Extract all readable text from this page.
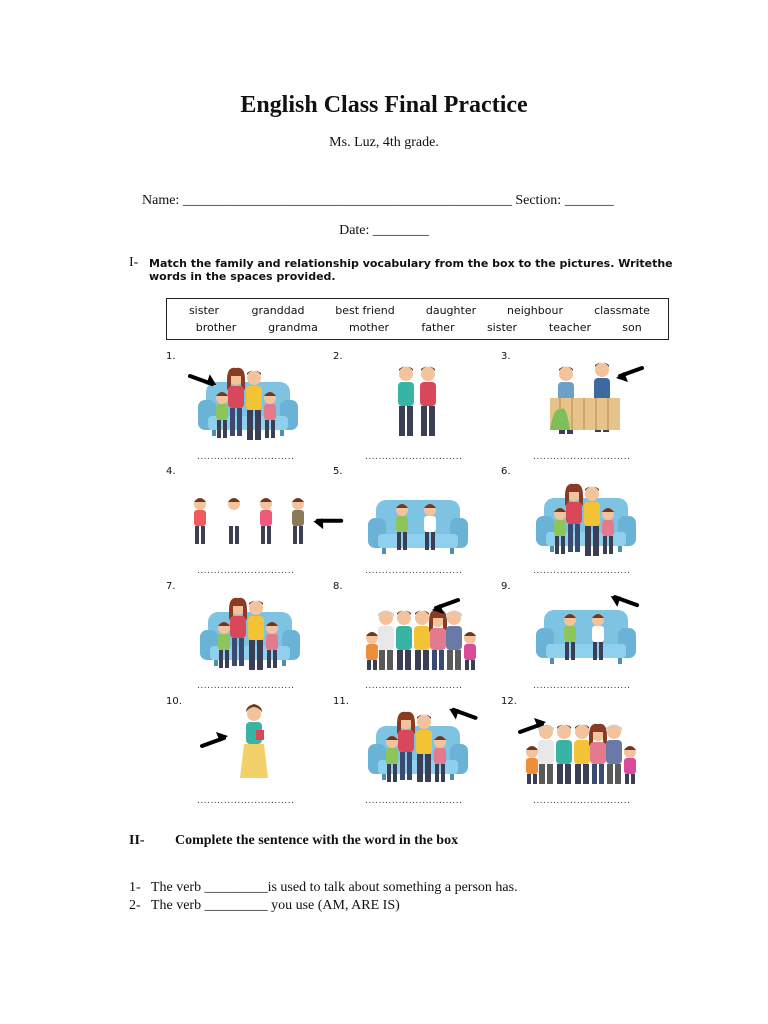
English Class Final Practice
Ms. Luz, 4th grade.
Name: _______________________________________________ Section: _______
Date: ________
I- Match the family and relationship vocabulary from the box to the pictures. Writethe words in the spaces provided.
sister	granddad	best friend	daughter	neighbour	classmate
brother	grandma	mother	father	sister	teacher	son
1.
.............................
2.
.............................
3.
.............................
4.
.............................
5.
.............................
6.
.............................
7.
.............................
8.
.............................
9.
.............................
10.
.............................
11.
.............................
12.
.............................
II- Complete the sentence with the word in the box
1- The verb _________is used to talk about something a person has.
2- The verb _________ you use (AM, ARE IS)
